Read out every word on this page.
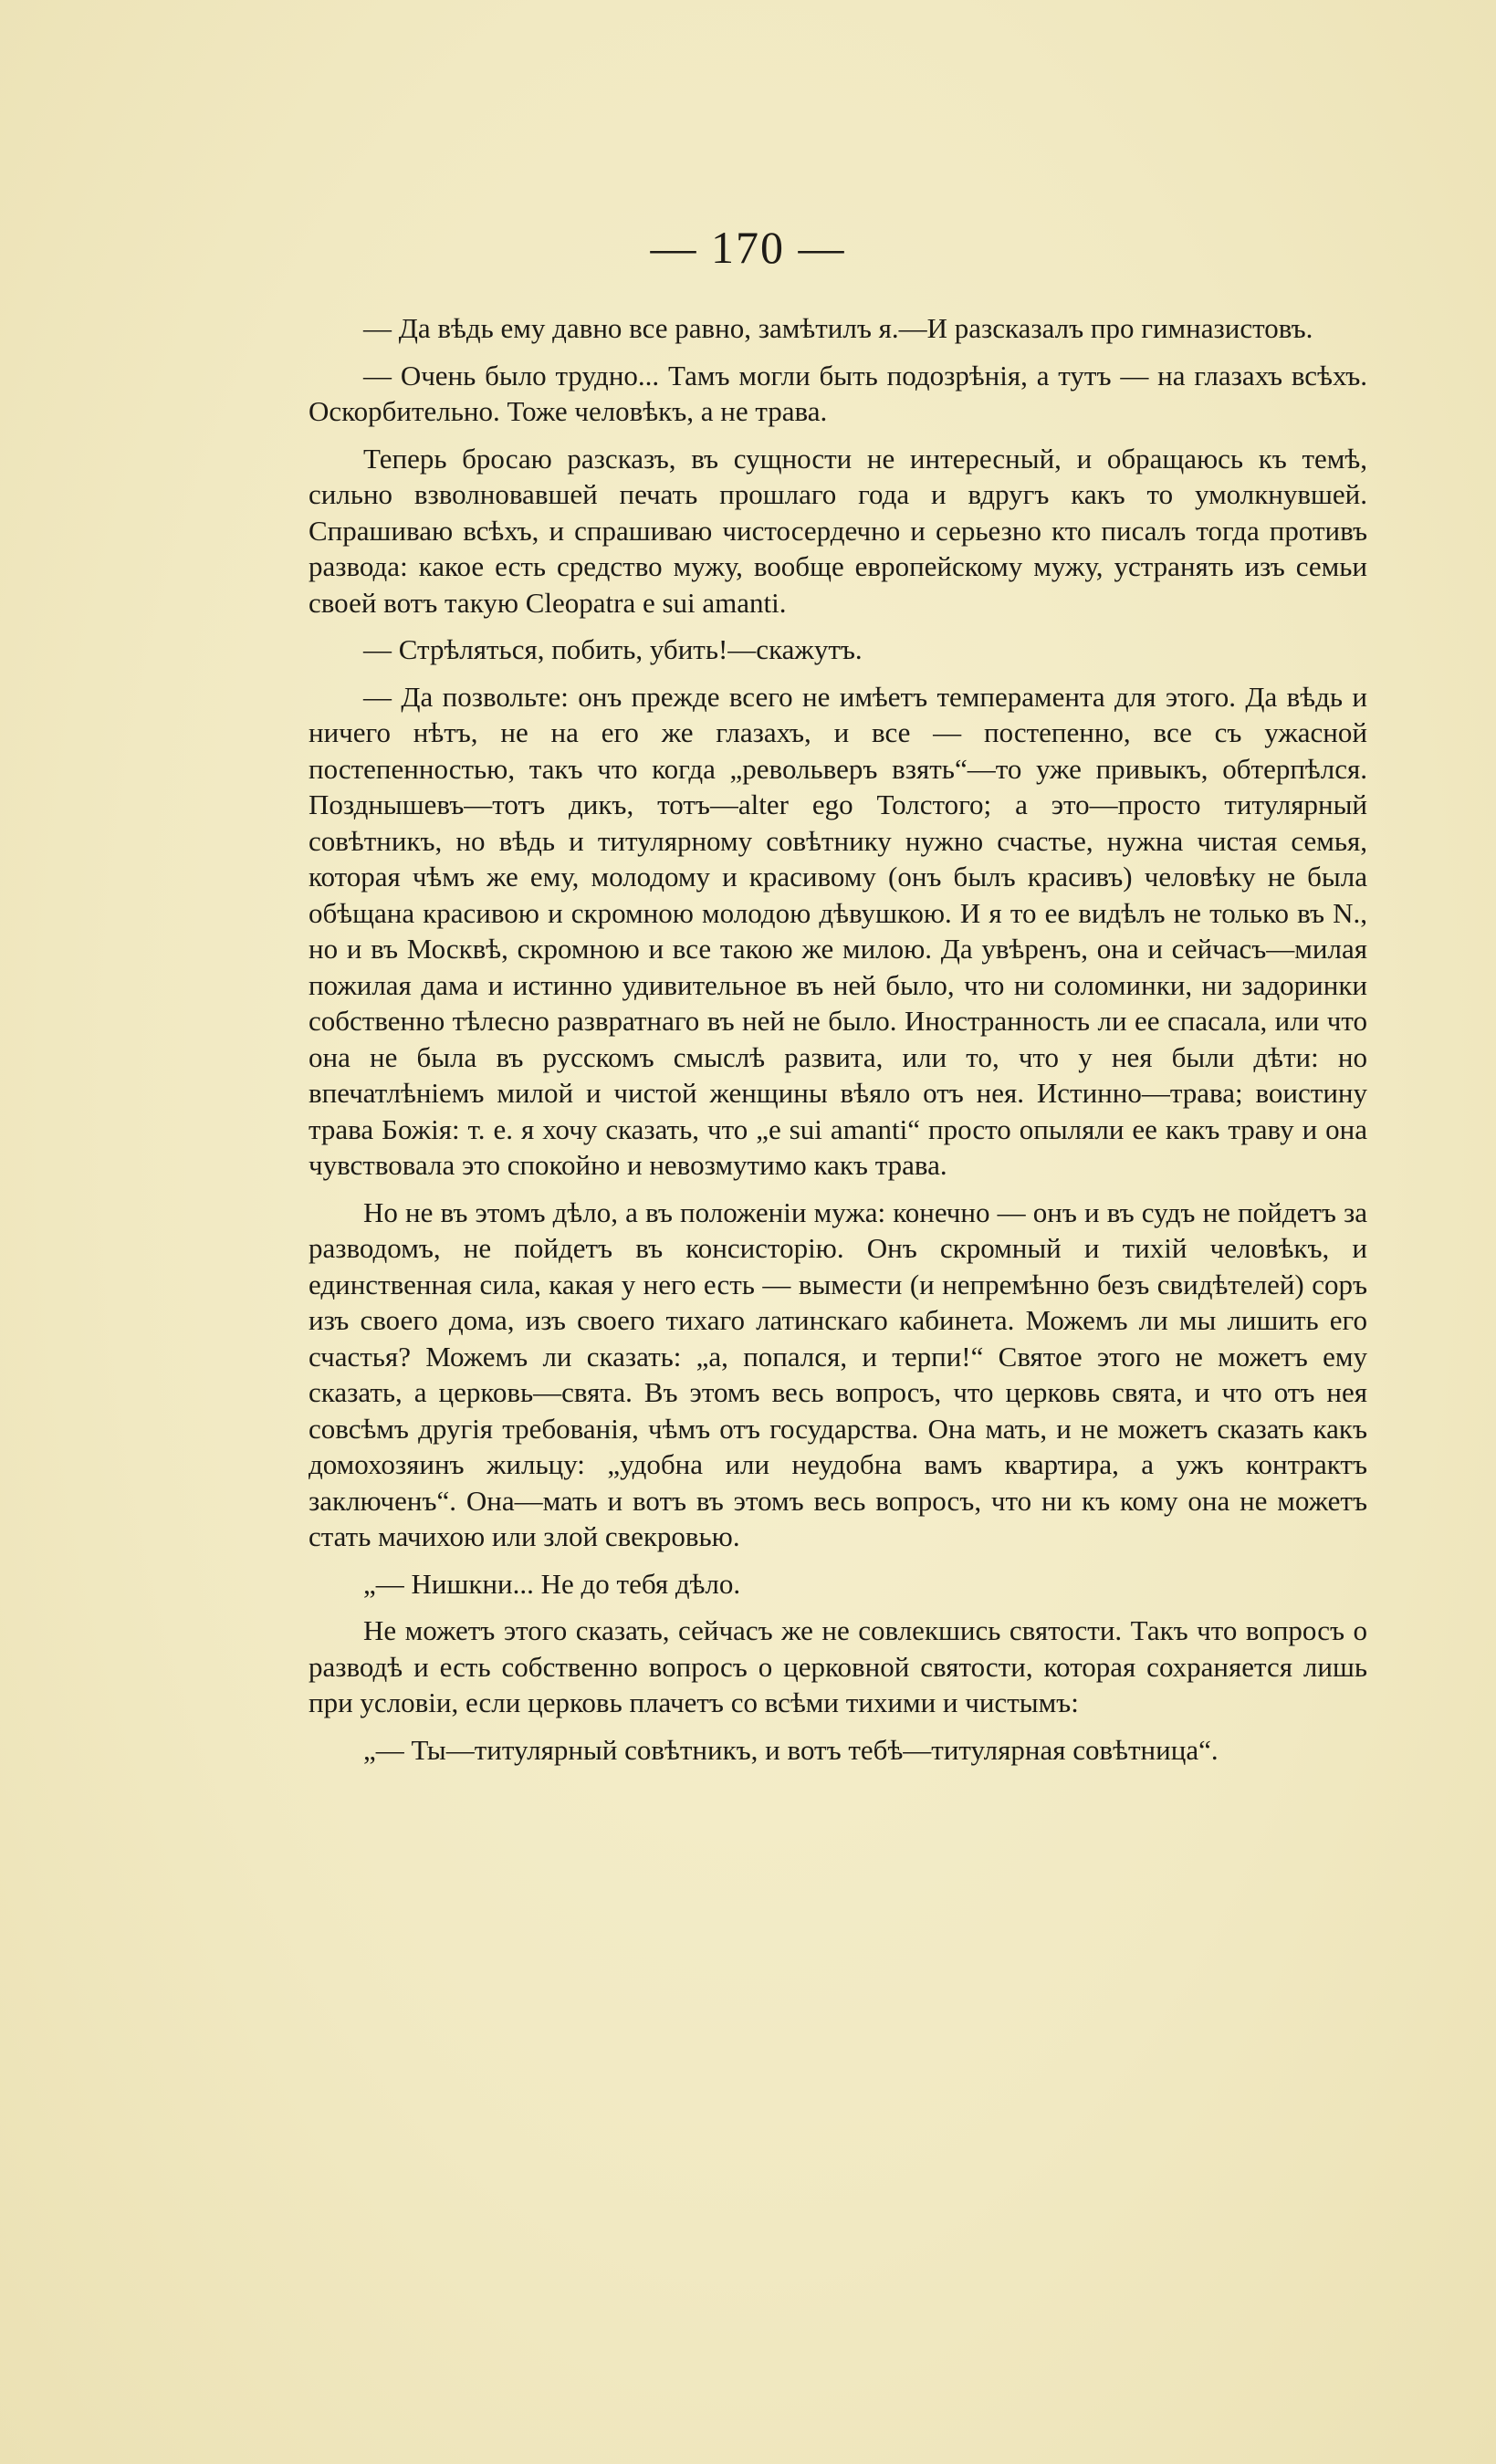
— 170 —

— Да вѣдь ему давно все равно, замѣтилъ я.—И разсказалъ про гимназистовъ.

— Очень было трудно... Тамъ могли быть подозрѣнія, а тутъ — на глазахъ всѣхъ. Оскорбительно. Тоже человѣкъ, а не трава.

Теперь бросаю разсказъ, въ сущности не интересный, и обращаюсь къ темѣ, сильно взволновавшей печать прошлаго года и вдругъ какъ то умолкнувшей. Спрашиваю всѣхъ, и спрашиваю чистосердечно и серьезно кто писалъ тогда противъ развода: какое есть средство мужу, вообще европейскому мужу, устранять изъ семьи своей вотъ такую Cleopatra e sui amanti.

— Стрѣляться, побить, убить!—скажутъ.

— Да позвольте: онъ прежде всего не имѣетъ темперамента для этого. Да вѣдь и ничего нѣтъ, не на его же глазахъ, и все — постепенно, все съ ужасной постепенностью, такъ что когда „револьверъ взять“—то уже привыкъ, обтерпѣлся. Позднышевъ—тотъ дикъ, тотъ—alter ego Толстого; а это—просто титулярный совѣтникъ, но вѣдь и титулярному совѣтнику нужно счастье, нужна чистая семья, которая чѣмъ же ему, молодому и красивому (онъ былъ красивъ) человѣку не была обѣщана красивою и скромною молодою дѣвушкою. И я то ее видѣлъ не только въ N., но и въ Москвѣ, скромною и все такою же милою. Да увѣренъ, она и сейчасъ—милая пожилая дама и истинно удивительное въ ней было, что ни соломинки, ни задоринки собственно тѣлесно развратнаго въ ней не было. Иностранность ли ее спасала, или что она не была въ русскомъ смыслѣ развита, или то, что у нея были дѣти: но впечатлѣніемъ милой и чистой женщины вѣяло отъ нея. Истинно—трава; воистину трава Божія: т. е. я хочу сказать, что „e sui amanti“ просто опыляли ее какъ траву и она чувствовала это спокойно и невозмутимо какъ трава.

Но не въ этомъ дѣло, а въ положеніи мужа: конечно — онъ и въ судъ не пойдетъ за разводомъ, не пойдетъ въ консисторію. Онъ скромный и тихій человѣкъ, и единственная сила, какая у него есть — вымести (и непремѣнно безъ свидѣтелей) соръ изъ своего дома, изъ своего тихаго латинскаго кабинета. Можемъ ли мы лишить его счастья? Можемъ ли сказать: „а, попался, и терпи!“ Святое этого не можетъ ему сказать, а церковь—свята. Въ этомъ весь вопросъ, что церковь свята, и что отъ нея совсѣмъ другія требованія, чѣмъ отъ государства. Она мать, и не можетъ сказать какъ домохозяинъ жильцу: „удобна или неудобна вамъ квартира, а ужъ контрактъ заключенъ“. Она—мать и вотъ въ этомъ весь вопросъ, что ни къ кому она не можетъ стать мачихою или злой свекровью.

„— Нишкни... Не до тебя дѣло.

Не можетъ этого сказать, сейчасъ же не совлекшись святости. Такъ что вопросъ о разводѣ и есть собственно вопросъ о церковной святости, которая сохраняется лишь при условіи, если церковь плачетъ со всѣми тихими и чистымъ:

„— Ты—титулярный совѣтникъ, и вотъ тебѣ—титулярная совѣтница“.
